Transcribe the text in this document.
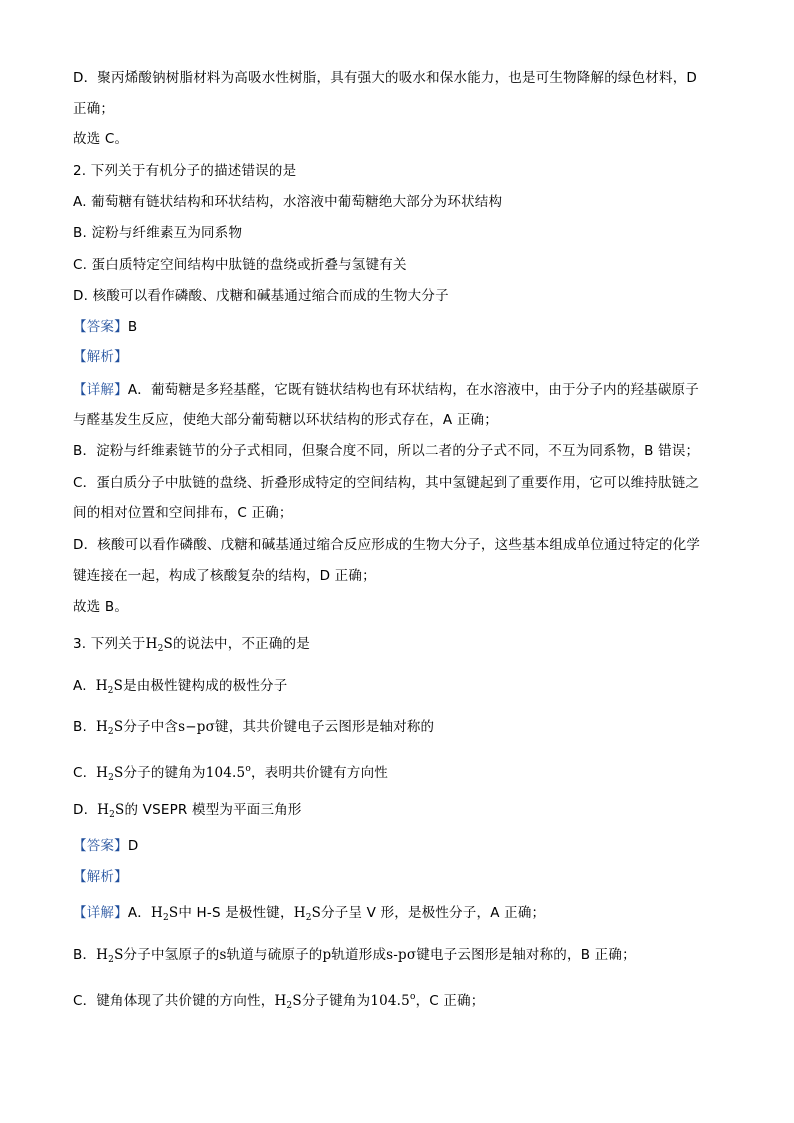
D．聚丙烯酸钠树脂材料为高吸水性树脂，具有强大的吸水和保水能力，也是可生物降解的绿色材料，D
正确；
故选 C。
2. 下列关于有机分子的描述错误的是
A. 葡萄糖有链状结构和环状结构，水溶液中葡萄糖绝大部分为环状结构
B. 淀粉与纤维素互为同系物
C. 蛋白质特定空间结构中肽链的盘绕或折叠与氢键有关
D. 核酸可以看作磷酸、戊糖和碱基通过缩合而成的生物大分子
【答案】B
【解析】
【详解】A．葡萄糖是多羟基醛，它既有链状结构也有环状结构，在水溶液中，由于分子内的羟基碳原子
与醛基发生反应，使绝大部分葡萄糖以环状结构的形式存在，A 正确；
B．淀粉与纤维素链节的分子式相同，但聚合度不同，所以二者的分子式不同，不互为同系物，B 错误；
C．蛋白质分子中肽链的盘绕、折叠形成特定的空间结构，其中氢键起到了重要作用，它可以维持肽链之
间的相对位置和空间排布，C 正确；
D．核酸可以看作磷酸、戊糖和碱基通过缩合反应形成的生物大分子，这些基本组成单位通过特定的化学
键连接在一起，构成了核酸复杂的结构，D 正确；
故选 B。
3. 下列关于$H_2S$的说法中，不正确的是
A. $H_2S$是由极性键构成的极性分子
B. $H_2S$分子中含s−pσ键，其共价键电子云图形是轴对称的
C. $H_2S$分子的键角为104.5$^o$，表明共价键有方向性
D. $H_2S$的 VSEPR 模型为平面三角形
【答案】D
【解析】
【详解】A．$H_2S$中 H-S 是极性键，$H_2S$分子呈 V 形，是极性分子，A 正确；
B．$H_2S$分子中氢原子的s轨道与硫原子的p轨道形成s-pσ键电子云图形是轴对称的，B 正确；
C．键角体现了共价键的方向性，$H_2S$分子键角为104.5$^o$，C 正确；
